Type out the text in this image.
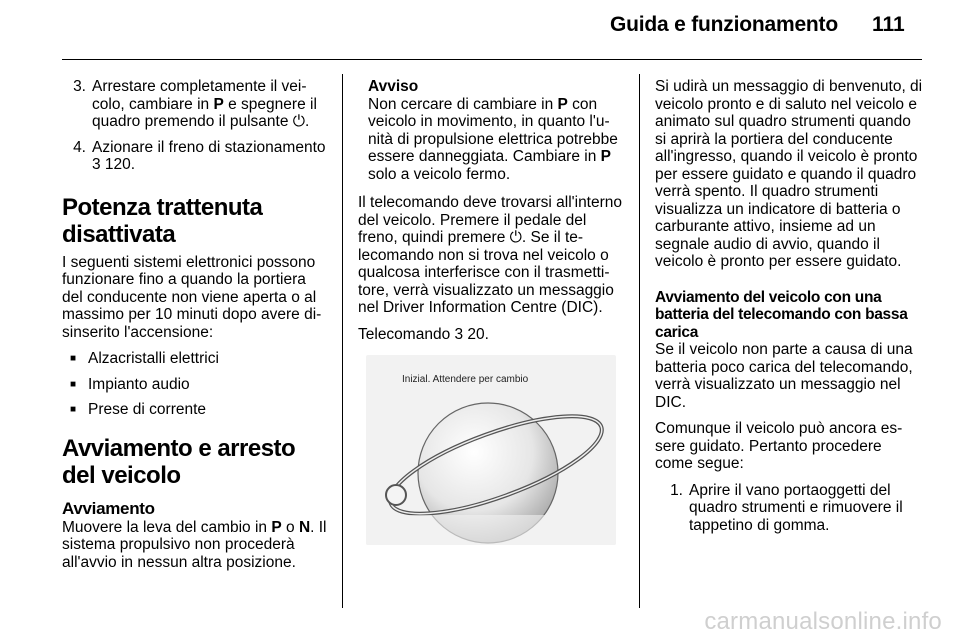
Guida e funzionamento 111
3. Arrestare completamente il veicolo, cambiare in P e spegnere il quadro premendo il pulsante ⏻.
4. Azionare il freno di stazionamento 3 120.
Potenza trattenuta disattivata

I seguenti sistemi elettronici possono funzionare fino a quando la portiera del conducente non viene aperta o al massimo per 10 minuti dopo avere disinserito l'accensione:

■ Alzacristalli elettrici
■ Impianto audio
■ Prese di corrente
Avviamento e arresto del veicolo
Avviamento

Muovere la leva del cambio in P o N. Il sistema propulsivo non procederà all'avvio in nessun altra posizione.

Avviso
Non cercare di cambiare in P con veicolo in movimento, in quanto l'unità di propulsione elettrica potrebbe essere danneggiata. Cambiare in P solo a veicolo fermo.

Il telecomando deve trovarsi all'interno del veicolo. Premere il pedale del freno, quindi premere ⏻. Se il telecomando non si trova nel veicolo o qualcosa interferisce con il trasmettitore, verrà visualizzato un messaggio nel Driver Information Centre (DIC).

Telecomando 3 20.

Inizial. Attendere per cambio

Si udirà un messaggio di benvenuto, di veicolo pronto e di saluto nel veicolo e animato sul quadro strumenti quando si aprirà la portiera del conducente all'ingresso, quando il veicolo è pronto per essere guidato e quando il quadro verrà spento. Il quadro strumenti visualizza un indicatore di batteria o carburante attivo, insieme ad un segnale audio di avvio, quando il veicolo è pronto per essere guidato.

Avviamento del veicolo con una batteria del telecomando con bassa carica

Se il veicolo non parte a causa di una batteria poco carica del telecomando, verrà visualizzato un messaggio nel DIC.

Comunque il veicolo può ancora essere guidato. Pertanto procedere come segue:

1. Aprire il vano portaoggetti del quadro strumenti e rimuovere il tappetino di gomma.
carmanualsonline.info
